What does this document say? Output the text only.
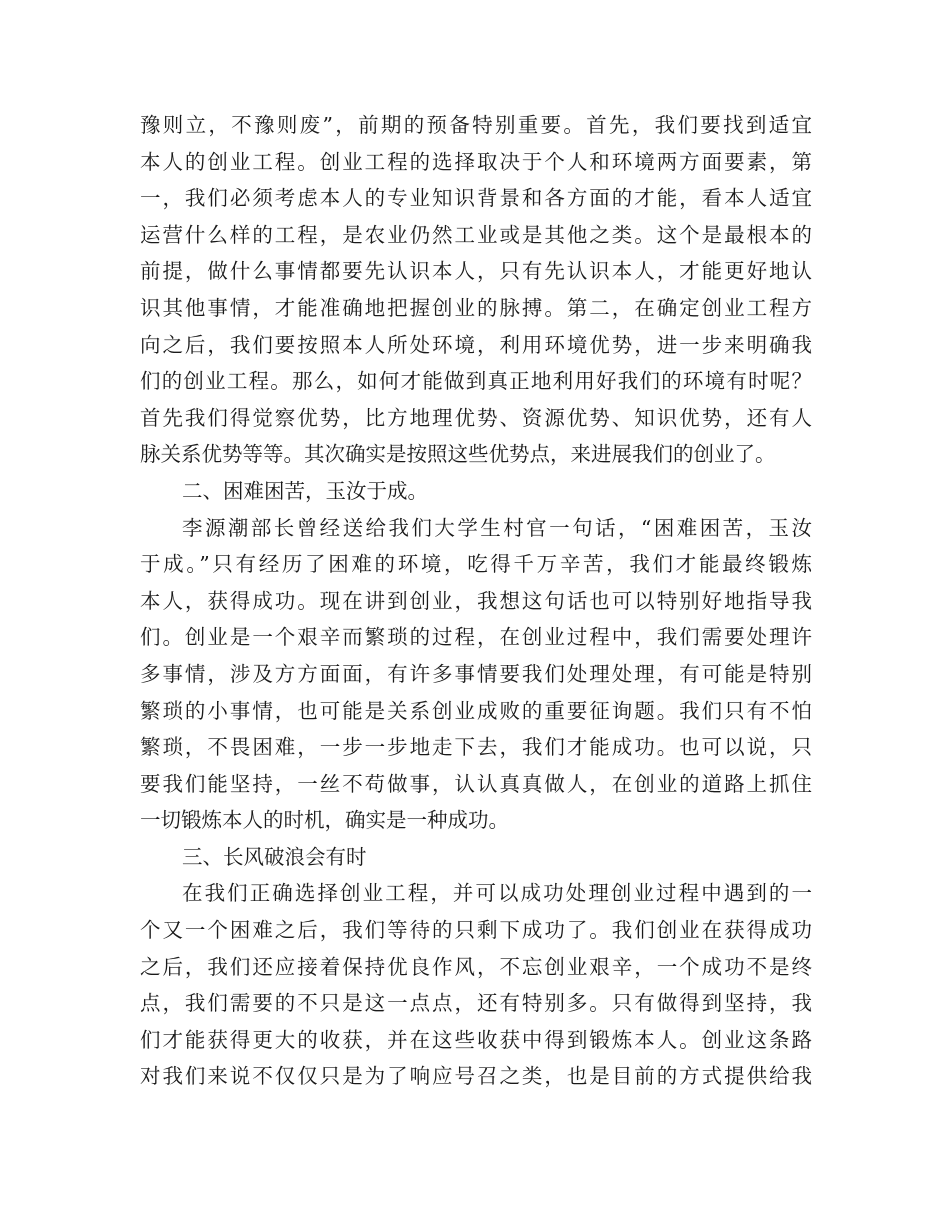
豫则立，不豫则废”，前期的预备特别重要。首先，我们要找到适宜
本人的创业工程。创业工程的选择取决于个人和环境两方面要素，第
一，我们必须考虑本人的专业知识背景和各方面的才能，看本人适宜
运营什么样的工程，是农业仍然工业或是其他之类。这个是最根本的
前提，做什么事情都要先认识本人，只有先认识本人，才能更好地认
识其他事情，才能准确地把握创业的脉搏。第二，在确定创业工程方
向之后，我们要按照本人所处环境，利用环境优势，进一步来明确我
们的创业工程。那么，如何才能做到真正地利用好我们的环境有时呢？
首先我们得觉察优势，比方地理优势、资源优势、知识优势，还有人
脉关系优势等等。其次确实是按照这些优势点，来进展我们的创业了。
二、困难困苦，玉汝于成。
李源潮部长曾经送给我们大学生村官一句话，“困难困苦，玉汝
于成。”只有经历了困难的环境，吃得千万辛苦，我们才能最终锻炼
本人，获得成功。现在讲到创业，我想这句话也可以特别好地指导我
们。创业是一个艰辛而繁琐的过程，在创业过程中，我们需要处理许
多事情，涉及方方面面，有许多事情要我们处理处理，有可能是特别
繁琐的小事情，也可能是关系创业成败的重要征询题。我们只有不怕
繁琐，不畏困难，一步一步地走下去，我们才能成功。也可以说，只
要我们能坚持，一丝不苟做事，认认真真做人，在创业的道路上抓住
一切锻炼本人的时机，确实是一种成功。
三、长风破浪会有时
在我们正确选择创业工程，并可以成功处理创业过程中遇到的一
个又一个困难之后，我们等待的只剩下成功了。我们创业在获得成功
之后，我们还应接着保持优良作风，不忘创业艰辛，一个成功不是终
点，我们需要的不只是这一点点，还有特别多。只有做得到坚持，我
们才能获得更大的收获，并在这些收获中得到锻炼本人。创业这条路
对我们来说不仅仅只是为了响应号召之类，也是目前的方式提供给我
